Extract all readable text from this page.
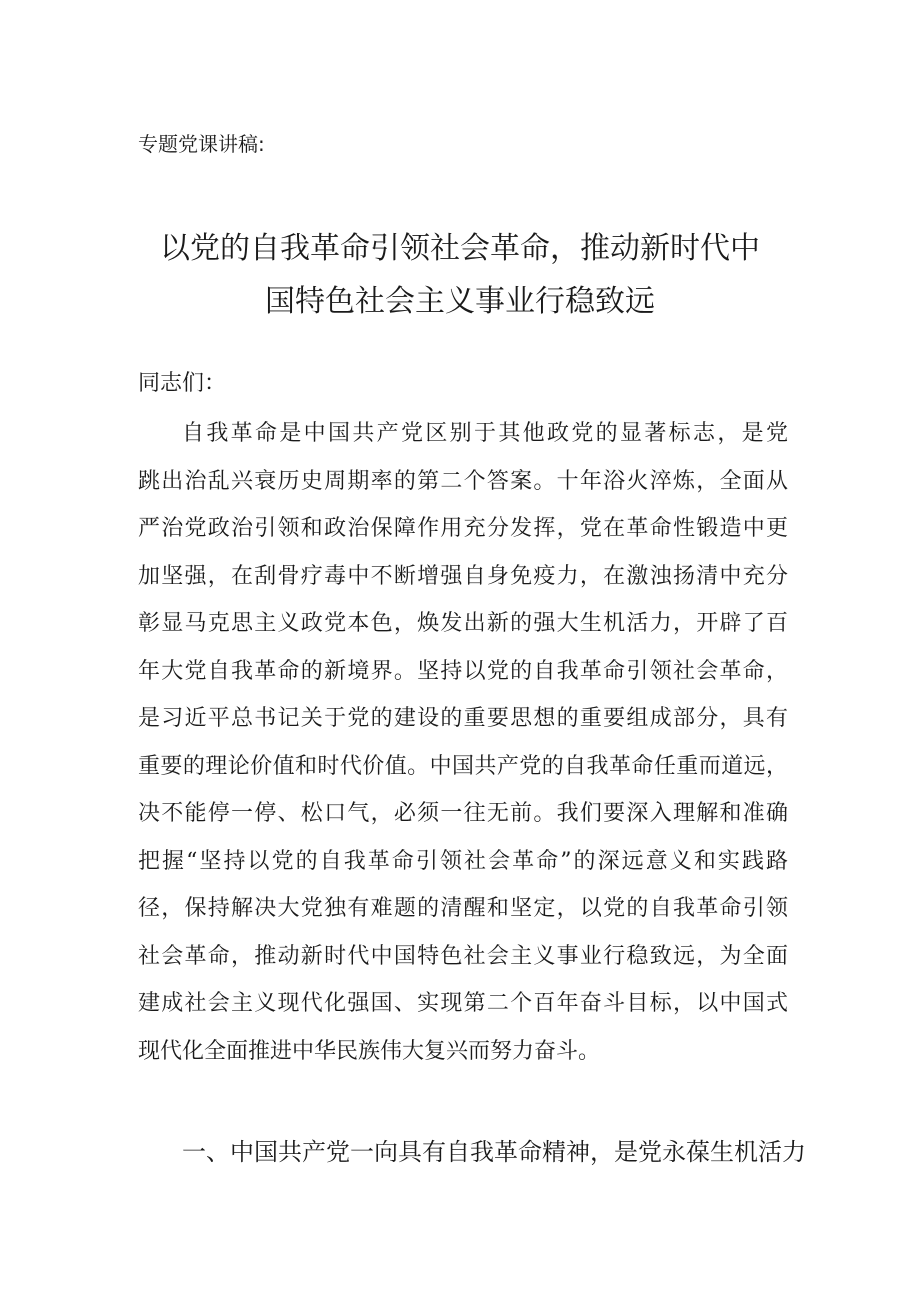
专题党课讲稿:
以党的自我革命引领社会革命，推动新时代中
国特色社会主义事业行稳致远
同志们：
自我革命是中国共产党区别于其他政党的显著标志，是党
跳出治乱兴衰历史周期率的第二个答案。十年浴火淬炼，全面从
严治党政治引领和政治保障作用充分发挥，党在革命性锻造中更
加坚强，在刮骨疗毒中不断增强自身免疫力，在激浊扬清中充分
彰显马克思主义政党本色，焕发出新的强大生机活力，开辟了百
年大党自我革命的新境界。坚持以党的自我革命引领社会革命，
是习近平总书记关于党的建设的重要思想的重要组成部分，具有
重要的理论价值和时代价值。中国共产党的自我革命任重而道远，
决不能停一停、松口气，必须一往无前。我们要深入理解和准确
把握“坚持以党的自我革命引领社会革命”的深远意义和实践路
径，保持解决大党独有难题的清醒和坚定，以党的自我革命引领
社会革命，推动新时代中国特色社会主义事业行稳致远，为全面
建成社会主义现代化强国、实现第二个百年奋斗目标，以中国式
现代化全面推进中华民族伟大复兴而努力奋斗。
一、中国共产党一向具有自我革命精神，是党永葆生机活力
